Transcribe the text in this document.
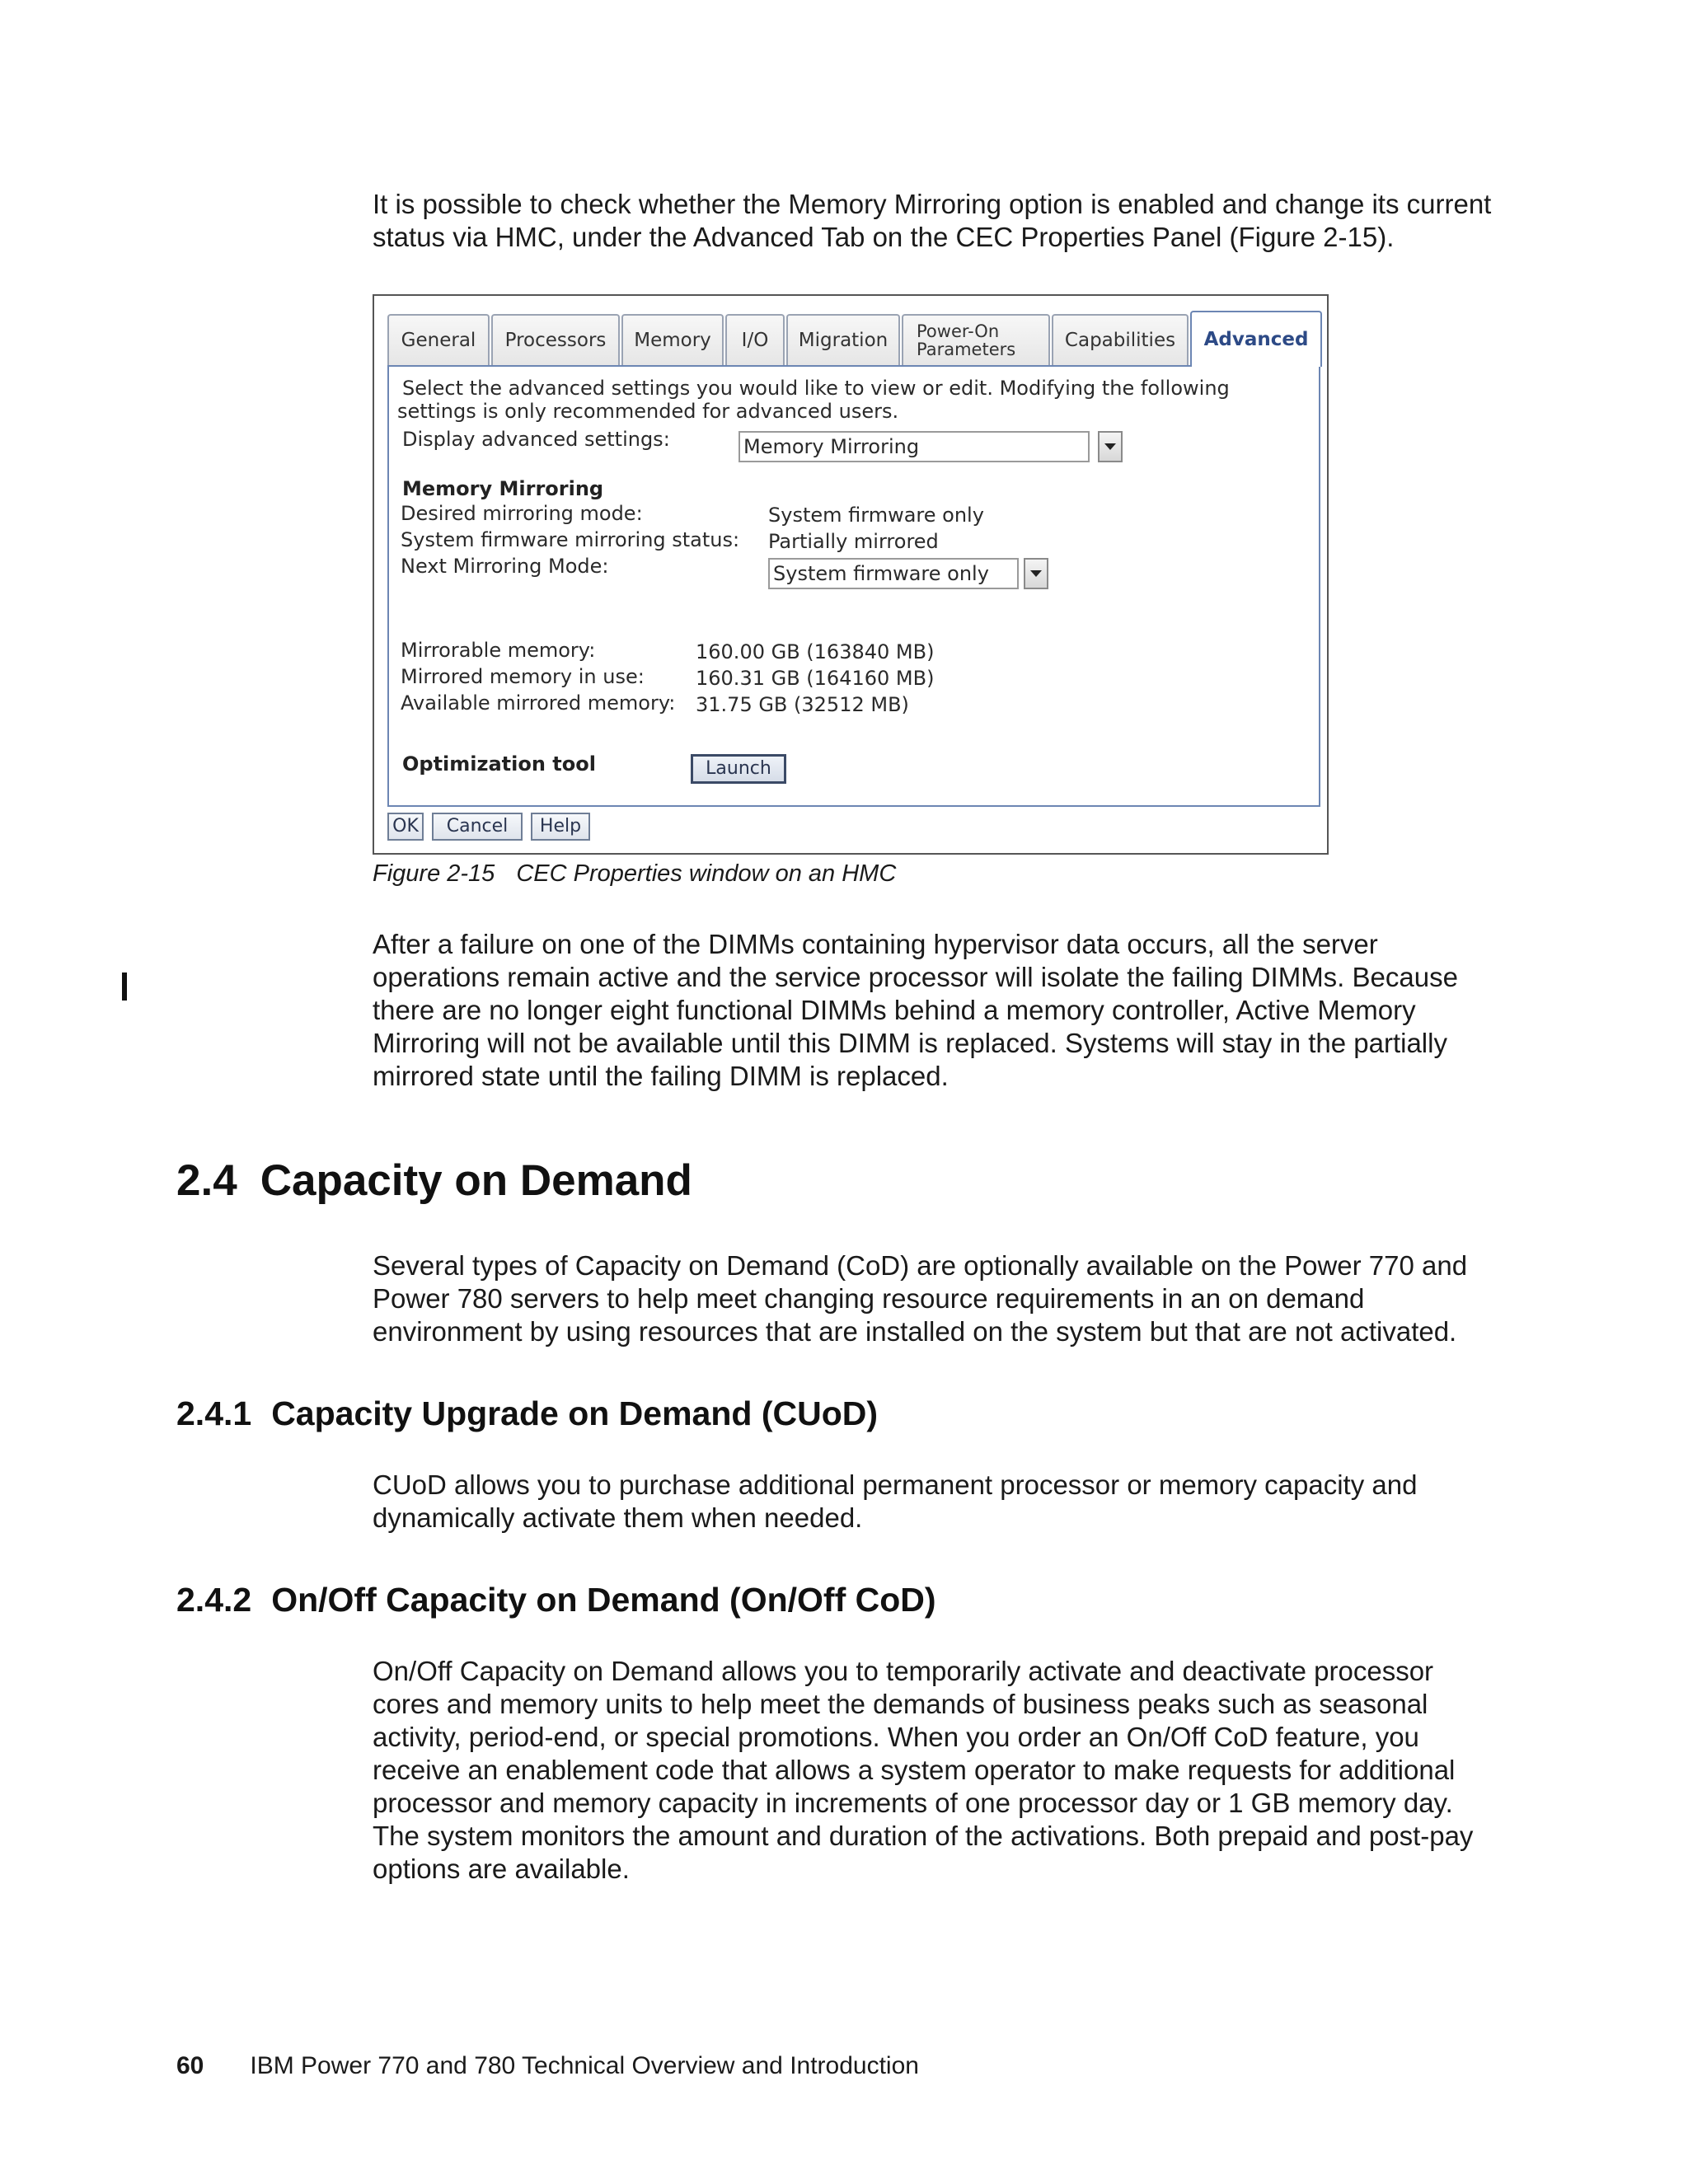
It is possible to check whether the Memory Mirroring option is enabled and change its current status via HMC, under the Advanced Tab on the CEC Properties Panel (Figure 2-15).

General	Processors	Memory	I/O	Migration	Power-On
Parameters	Capabilities	Advanced
Select the advanced settings you would like to view or edit. Modifying the following
settings is only recommended for advanced users.
Display advanced settings:	Memory Mirroring
Memory Mirroring
Desired mirroring mode:	System firmware only
System firmware mirroring status: Partially mirrored
Next Mirroring Mode:	System firmware only
Mirrorable memory:	160.00 GB (163840 MB)
Mirrored memory in use:	160.31 GB (164160 MB)
Available mirrored memory: 31.75 GB (32512 MB)
Optimization tool	Launch
OK	Cancel	Help
Figure 2-15 CEC Properties window on an HMC

After a failure on one of the DIMMs containing hypervisor data occurs, all the server operations remain active and the service processor will isolate the failing DIMMs. Because there are no longer eight functional DIMMs behind a memory controller, Active Memory Mirroring will not be available until this DIMM is replaced. Systems will stay in the partially mirrored state until the failing DIMM is replaced.

2.4 Capacity on Demand

Several types of Capacity on Demand (CoD) are optionally available on the Power 770 and Power 780 servers to help meet changing resource requirements in an on demand environment by using resources that are installed on the system but that are not activated.

2.4.1 Capacity Upgrade on Demand (CUoD)

CUoD allows you to purchase additional permanent processor or memory capacity and dynamically activate them when needed.

2.4.2 On/Off Capacity on Demand (On/Off CoD)

On/Off Capacity on Demand allows you to temporarily activate and deactivate processor cores and memory units to help meet the demands of business peaks such as seasonal activity, period-end, or special promotions. When you order an On/Off CoD feature, you receive an enablement code that allows a system operator to make requests for additional processor and memory capacity in increments of one processor day or 1 GB memory day. The system monitors the amount and duration of the activations. Both prepaid and post-pay options are available.

60 IBM Power 770 and 780 Technical Overview and Introduction
